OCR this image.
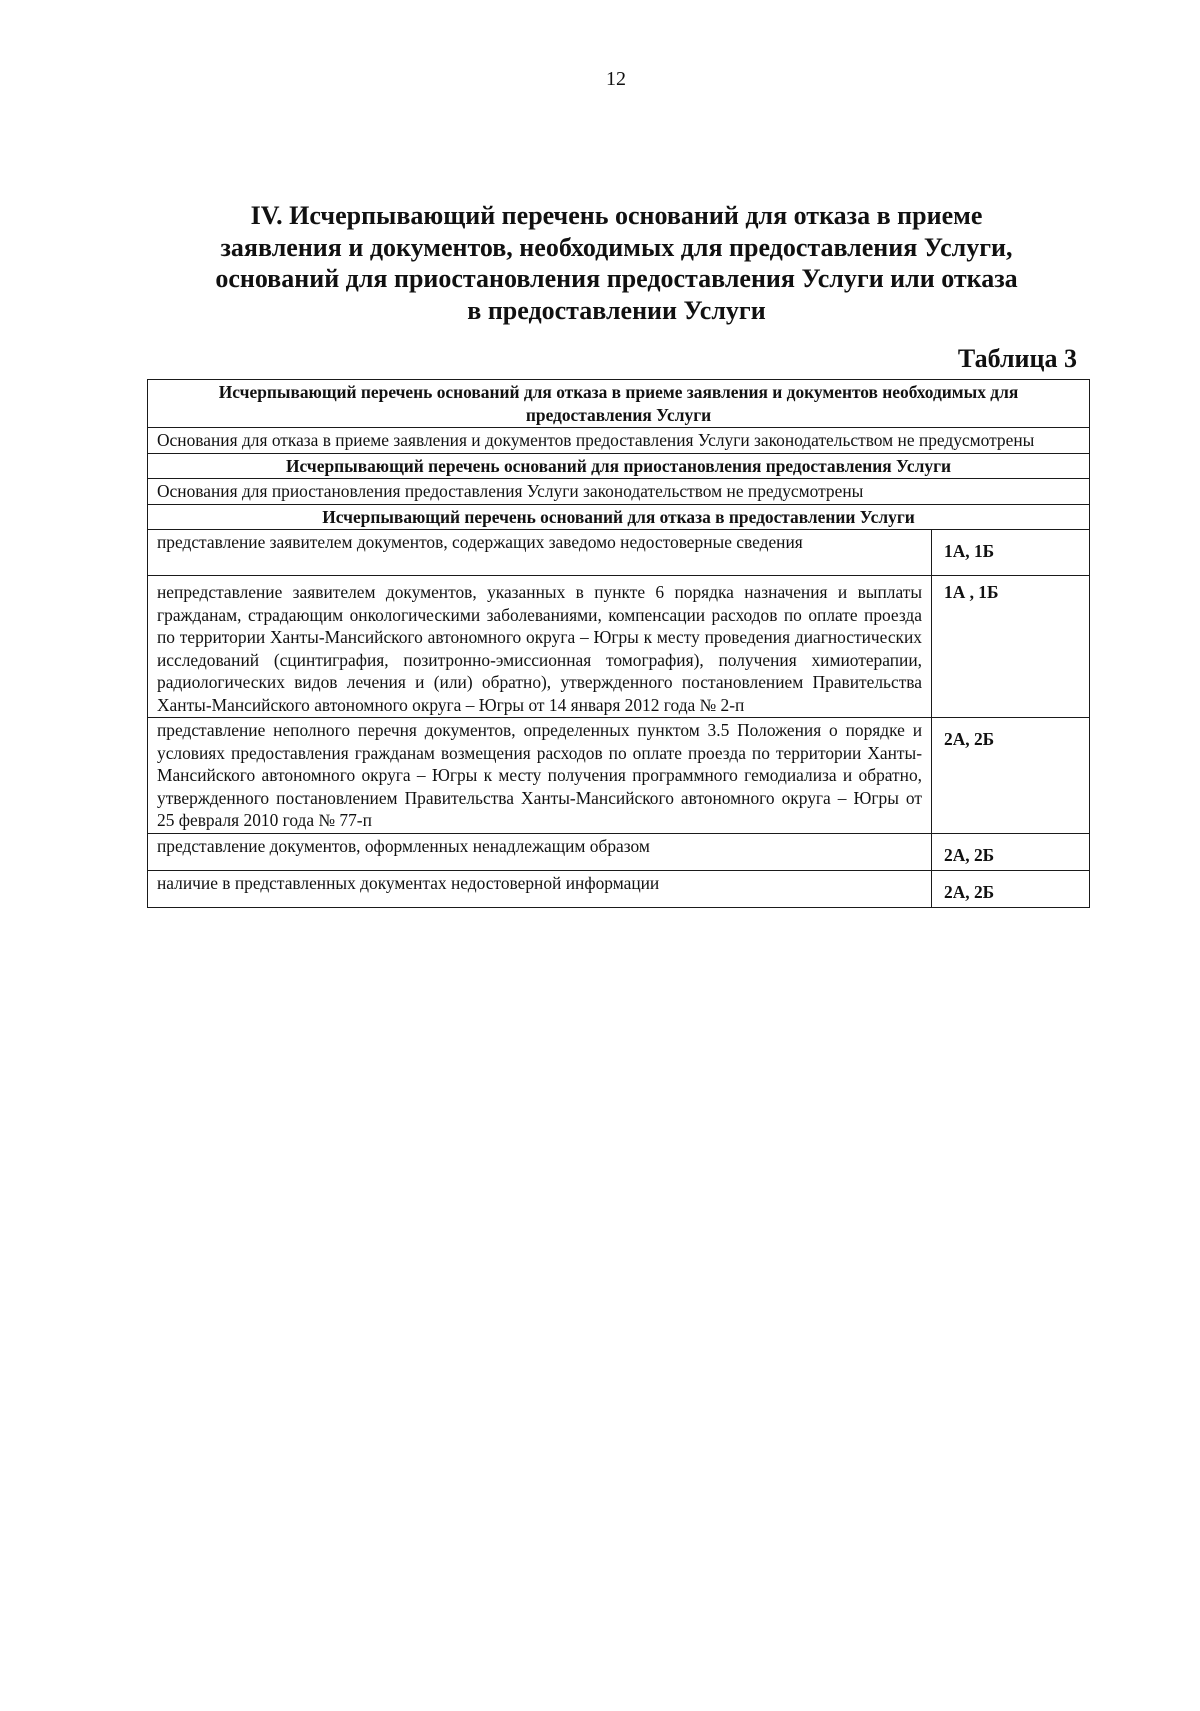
12
IV. Исчерпывающий перечень оснований для отказа в приеме
заявления и документов, необходимых для предоставления Услуги,
оснований для приостановления предоставления Услуги или отказа
в предоставлении Услуги
Таблица 3
Исчерпывающий перечень оснований для отказа в приеме заявления и документов необходимых для предоставления Услуги	
Основания для отказа в приеме заявления и документов предоставления Услуги законодательством не предусмотрены	
Исчерпывающий перечень оснований для приостановления предоставления Услуги	
Основания для приостановления предоставления Услуги законодательством не предусмотрены	
Исчерпывающий перечень оснований для отказа в предоставлении Услуги	
представление заявителем документов, содержащих заведомо недостоверные сведения	1А, 1Б
непредставление заявителем документов, указанных в пункте 6 порядка назначения и выплаты гражданам, страдающим онкологическими заболеваниями, компенсации расходов по оплате проезда по территории Ханты-Мансийского автономного округа – Югры к месту проведения диагностических исследований (сцинтиграфия, позитронно-эмиссионная томография), получения химиотерапии, радиологических видов лечения и (или) обратно), утвержденного постановлением Правительства Ханты-Мансийского автономного округа – Югры от 14 января 2012 года № 2-п	1А , 1Б
представление неполного перечня документов, определенных пунктом 3.5 Положения о порядке и условиях предоставления гражданам возмещения расходов по оплате проезда по территории Ханты-Мансийского автономного округа – Югры к месту получения программного гемодиализа и обратно, утвержденного постановлением Правительства Ханты-Мансийского автономного округа – Югры от 25 февраля 2010 года № 77-п	2А, 2Б
представление документов, оформленных ненадлежащим образом	2А, 2Б
наличие в представленных документах недостоверной информации	2А, 2Б
